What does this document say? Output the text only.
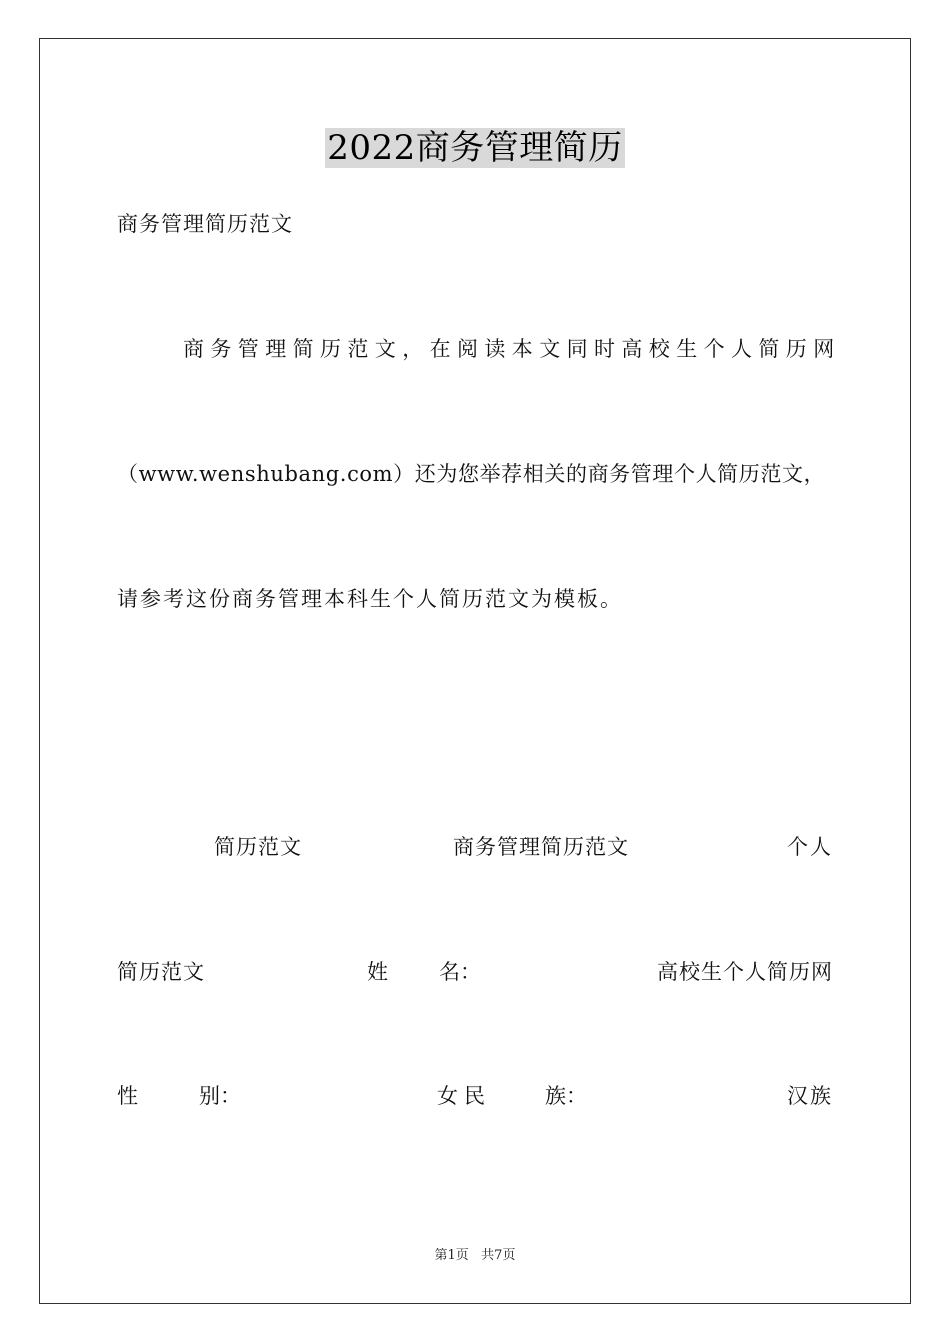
2022商务管理简历
商务管理简历范文
商务管理简历范文，在阅读本文同时高校生个人简历网
（www.wenshubang.com）还为您举荐相关的商务管理个人简历范文，
请参考这份商务管理本科生个人简历范文为模板。
简历范文	商务管理简历范文	个人
简历范文	姓 名：	高校生个人简历网
性	别：	女民	族：	汉族
第1页   共7页
